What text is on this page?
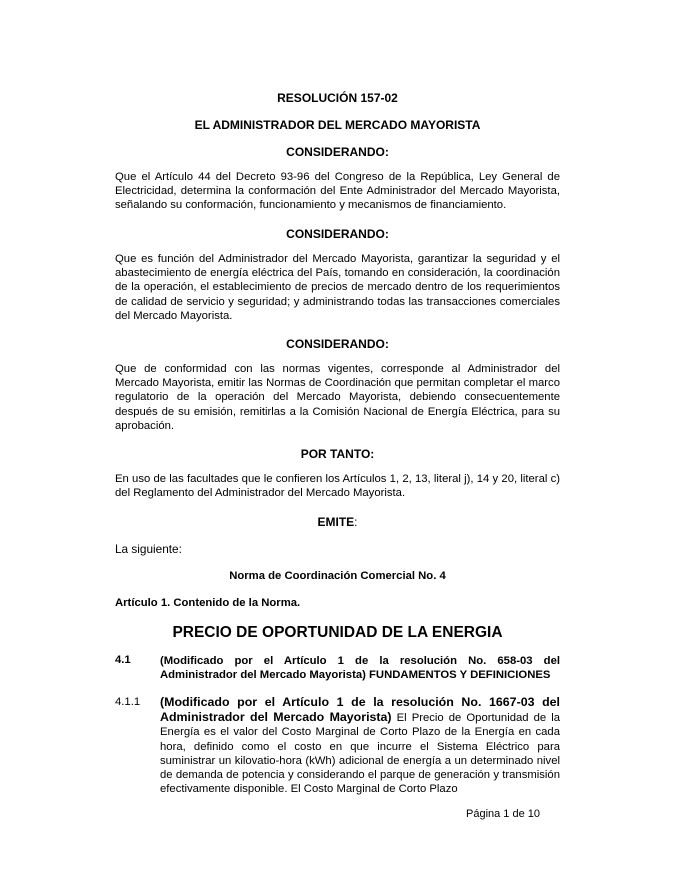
RESOLUCIÓN 157-02
EL ADMINISTRADOR DEL MERCADO MAYORISTA
CONSIDERANDO:

Que el Artículo 44 del Decreto 93-96 del Congreso de la República, Ley General de Electricidad, determina la conformación del Ente Administrador del Mercado Mayorista, señalando su conformación, funcionamiento y mecanismos de financiamiento.

CONSIDERANDO:

Que es función del Administrador del Mercado Mayorista, garantizar la seguridad y el abastecimiento de energía eléctrica del País, tomando en consideración, la coordinación de la operación, el establecimiento de precios de mercado dentro de los requerimientos de calidad de servicio y seguridad; y administrando todas las transacciones comerciales del Mercado Mayorista.

CONSIDERANDO:

Que de conformidad con las normas vigentes, corresponde al Administrador del Mercado Mayorista, emitir las Normas de Coordinación que permitan completar el marco regulatorio de la operación del Mercado Mayorista, debiendo consecuentemente después de su emisión, remitirlas a la Comisión Nacional de Energía Eléctrica, para su aprobación.

POR TANTO:

En uso de las facultades que le confieren los Artículos 1, 2, 13, literal j), 14 y 20, literal c) del Reglamento del Administrador del Mercado Mayorista.

EMITE:
La siguiente:
Norma de Coordinación Comercial No. 4
Artículo 1. Contenido de la Norma.
PRECIO DE OPORTUNIDAD DE LA ENERGIA
4.1	(Modificado por el Artículo 1 de la resolución No. 658-03 del Administrador del Mercado Mayorista) FUNDAMENTOS Y DEFINICIONES

4.1.1 (Modificado por el Artículo 1 de la resolución No. 1667-03 del Administrador del Mercado Mayorista) El Precio de Oportunidad de la Energía es el valor del Costo Marginal de Corto Plazo de la Energía en cada hora, definido como el costo en que incurre el Sistema Eléctrico para suministrar un kilovatio-hora (kWh) adicional de energía a un determinado nivel de demanda de potencia y considerando el parque de generación y transmisión efectivamente disponible. El Costo Marginal de Corto Plazo

Página 1 de 10
